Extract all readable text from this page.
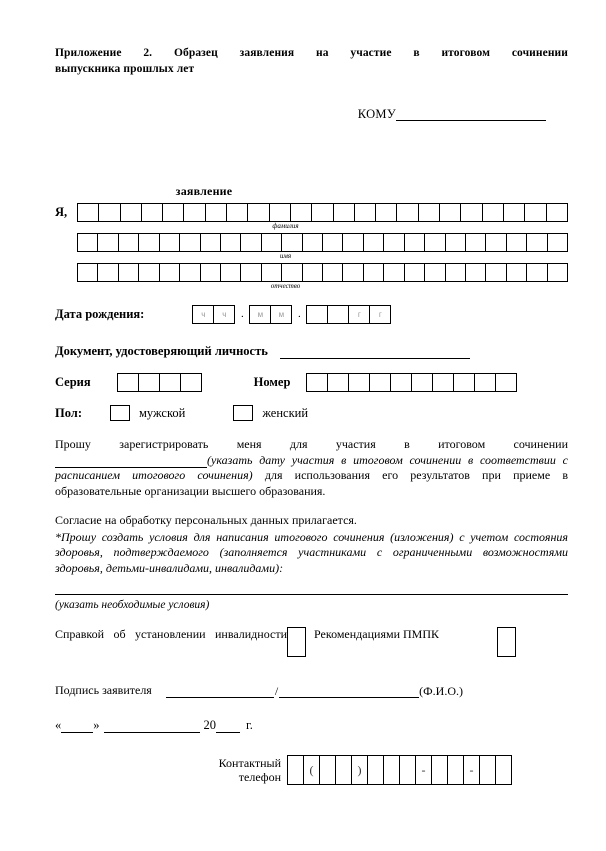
Приложение 2. Образец заявления на участие в итоговом сочинении
выпускника прошлых лет
КОМУ
заявление
Я,
фамилия
имя
отчество
Дата рождения:	ч	ч	.	м	м	.	г	г
Документ, удостоверяющий личность
Серия	Номер
Пол:	мужской	женский
Прошу зарегистрировать меня для участия в итоговом сочинении
(указать дату участия в итоговом сочинении в соответствии с расписанием итогового сочинения) для использования его результатов при приеме в образовательные организации высшего образования.
Согласие на обработку персональных данных прилагается.
*Прошу создать условия для написания итогового сочинения (изложения) с учетом состояния здоровья, подтверждаемого (заполняется участниками с ограниченными возможностями здоровья, детьми-инвалидами, инвалидами):
(указать необходимые условия)
Справкой об установлении инвалидности Рекомендациями ПМПК
Подпись заявителя	/	(Ф.И.О.)
«	»	20 г.
Контактный
телефон	(	)	-	-
